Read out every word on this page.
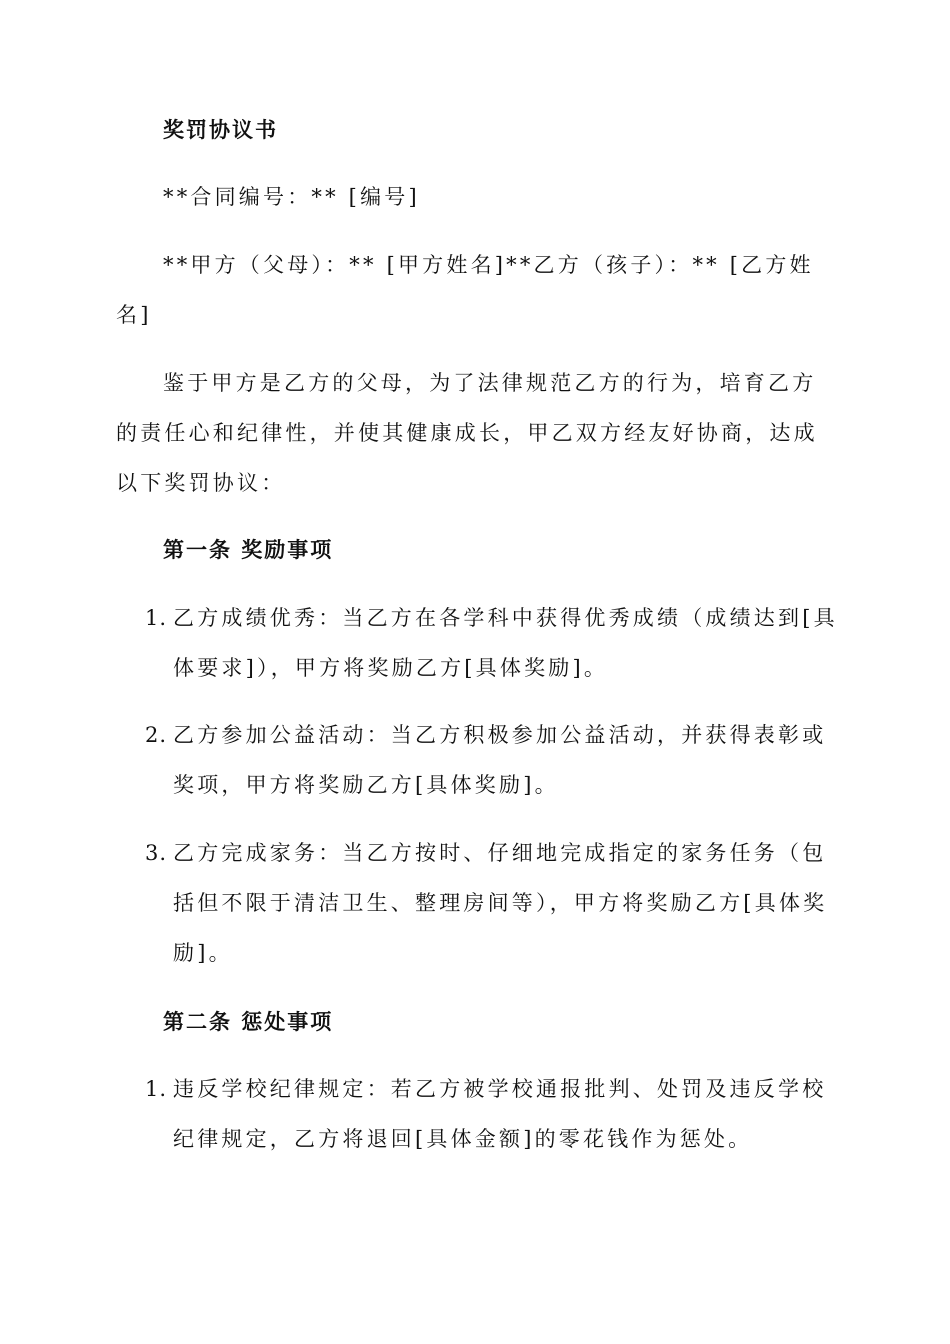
奖罚协议书
**合同编号：** [编号]
**甲方（父母）：** [甲方姓名]**乙方（孩子）：** [乙方姓名]
鉴于甲方是乙方的父母，为了法律规范乙方的行为，培育乙方的责任心和纪律性，并使其健康成长，甲乙双方经友好协商，达成以下奖罚协议：
第一条 奖励事项
1. 乙方成绩优秀：当乙方在各学科中获得优秀成绩（成绩达到[具体要求]），甲方将奖励乙方[具体奖励]。
2. 乙方参加公益活动：当乙方积极参加公益活动，并获得表彰或奖项，甲方将奖励乙方[具体奖励]。
3. 乙方完成家务：当乙方按时、仔细地完成指定的家务任务（包括但不限于清洁卫生、整理房间等），甲方将奖励乙方[具体奖励]。
第二条 惩处事项
1. 违反学校纪律规定：若乙方被学校通报批判、处罚及违反学校纪律规定，乙方将退回[具体金额]的零花钱作为惩处。
